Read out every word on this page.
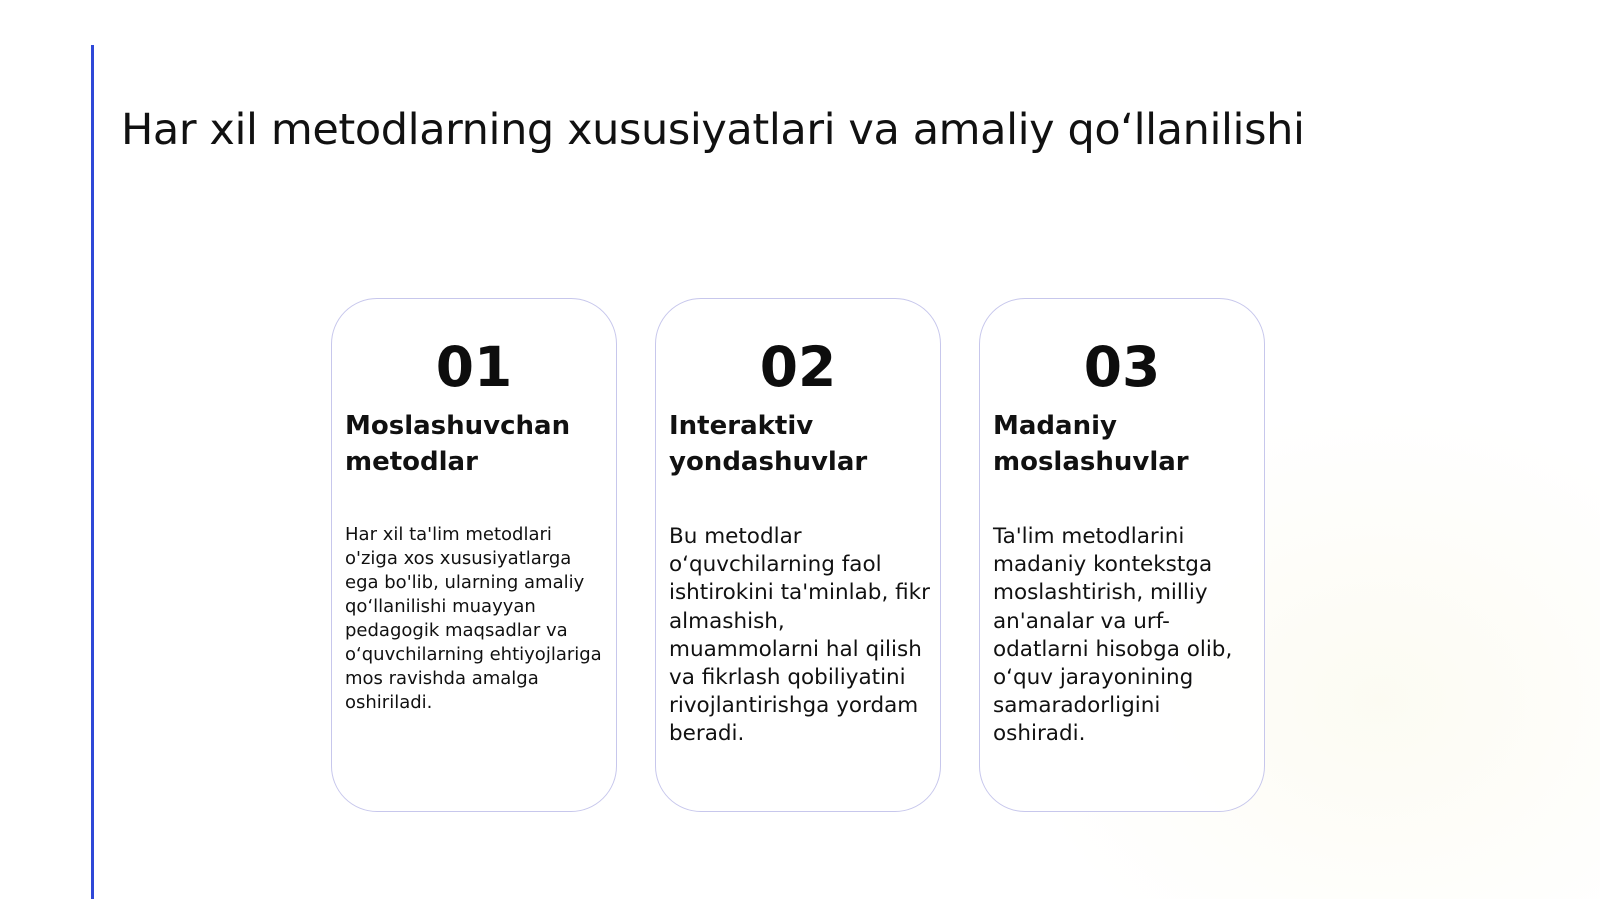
Har xil metodlarning xususiyatlari va amaliy qo‘llanilishi
01
Moslashuvchan metodlar

Har xil ta'lim metodlari o'ziga xos xususiyatlarga ega bo'lib, ularning amaliy qo‘llanilishi muayyan pedagogik maqsadlar va o‘quvchilarning ehtiyojlariga mos ravishda amalga oshiriladi.

02
Interaktiv yondashuvlar

Bu metodlar o‘quvchilarning faol ishtirokini ta'minlab, fikr almashish, muammolarni hal qilish va fikrlash qobiliyatini rivojlantirishga yordam beradi.

03
Madaniy moslashuvlar

Ta'lim metodlarini madaniy kontekstga moslashtirish, milliy an'analar va urf-odatlarni hisobga olib, o‘quv jarayonining samaradorligini oshiradi.
